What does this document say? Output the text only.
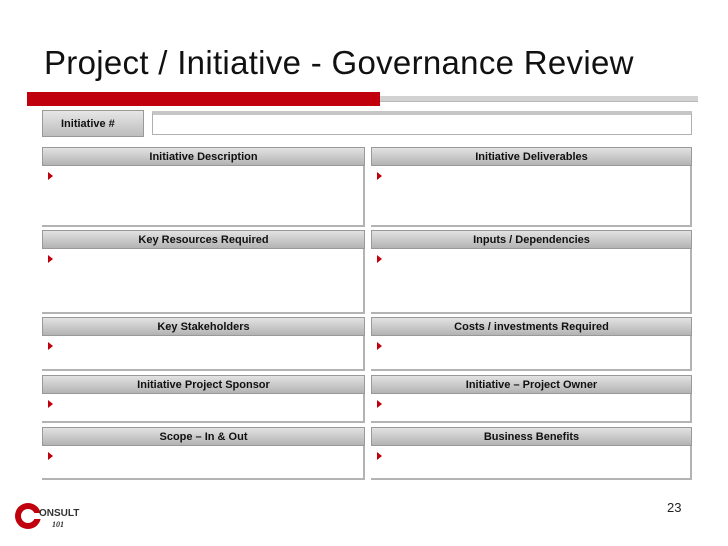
Project / Initiative - Governance Review
Initiative #
Initiative Description	Initiative Deliverables
Key Resources Required	Inputs / Dependencies
Key Stakeholders	Costs / investments Required
Initiative Project Sponsor	Initiative – Project Owner
Scope – In & Out	Business Benefits
ONSULT
101
23
